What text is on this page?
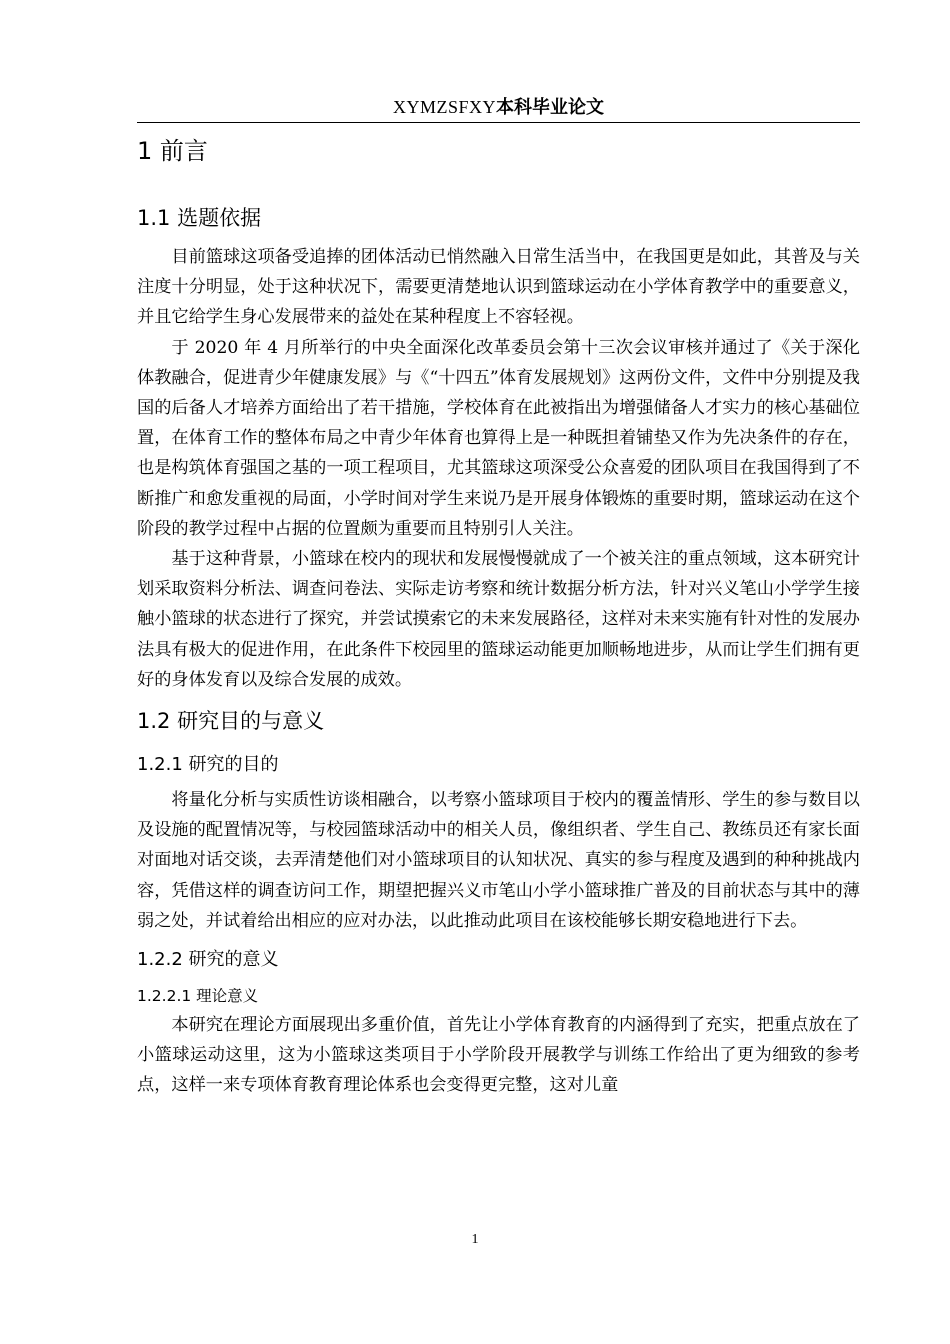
XYMZSFXY本科毕业论文
1 前言
1.1 选题依据

目前篮球这项备受追捧的团体活动已悄然融入日常生活当中，在我国更是如此，其普及与关注度十分明显，处于这种状况下，需要更清楚地认识到篮球运动在小学体育教学中的重要意义，并且它给学生身心发展带来的益处在某种程度上不容轻视。

于 2020 年 4 月所举行的中央全面深化改革委员会第十三次会议审核并通过了《关于深化体教融合，促进青少年健康发展》与《“十四五”体育发展规划》这两份文件，文件中分别提及我国的后备人才培养方面给出了若干措施，学校体育在此被指出为增强储备人才实力的核心基础位置，在体育工作的整体布局之中青少年体育也算得上是一种既担着铺垫又作为先决条件的存在，也是构筑体育强国之基的一项工程项目，尤其篮球这项深受公众喜爱的团队项目在我国得到了不断推广和愈发重视的局面，小学时间对学生来说乃是开展身体锻炼的重要时期，篮球运动在这个阶段的教学过程中占据的位置颇为重要而且特别引人关注。

基于这种背景，小篮球在校内的现状和发展慢慢就成了一个被关注的重点领域，这本研究计划采取资料分析法、调查问卷法、实际走访考察和统计数据分析方法，针对兴义笔山小学学生接触小篮球的状态进行了探究，并尝试摸索它的未来发展路径，这样对未来实施有针对性的发展办法具有极大的促进作用，在此条件下校园里的篮球运动能更加顺畅地进步，从而让学生们拥有更好的身体发育以及综合发展的成效。

1.2 研究目的与意义
1.2.1 研究的目的

将量化分析与实质性访谈相融合，以考察小篮球项目于校内的覆盖情形、学生的参与数目以及设施的配置情况等，与校园篮球活动中的相关人员，像组织者、学生自己、教练员还有家长面对面地对话交谈，去弄清楚他们对小篮球项目的认知状况、真实的参与程度及遇到的种种挑战内容，凭借这样的调查访问工作，期望把握兴义市笔山小学小篮球推广普及的目前状态与其中的薄弱之处，并试着给出相应的应对办法，以此推动此项目在该校能够长期安稳地进行下去。

1.2.2 研究的意义
1.2.2.1 理论意义

本研究在理论方面展现出多重价值，首先让小学体育教育的内涵得到了充实，把重点放在了小篮球运动这里，这为小篮球这类项目于小学阶段开展教学与训练工作给出了更为细致的参考点，这样一来专项体育教育理论体系也会变得更完整，这对儿童

1
